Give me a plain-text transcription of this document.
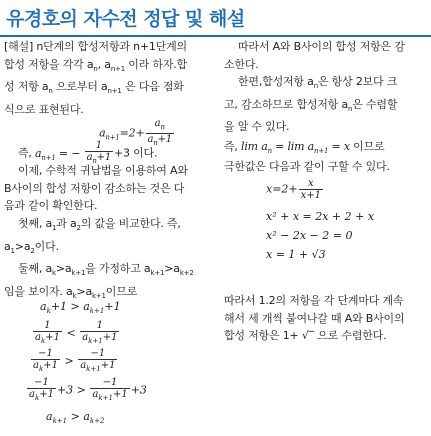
유경호의 자수전 정답 및 해설
[해설] n단계의 합성저항과 n+1단계의
합성 저항을 각각 $a_n$, $a_{n+1}$ 이라 하자.합
성 저항 $a_n$ 으로부터 $a_{n+1}$ 은 다음 점화
식으로 표현된다.
$a_{n+1}=2+ \frac{a_n}{a_n+1}$
즉, $a_{n+1}$ = − $\frac{1}{a_n+1} +3$ 이다.
이제, 수학적 귀납법을 이용하여 A와
B사이의 합성 저항이 감소하는 것은 다
음과 같이 확인한다.
첫째, $a_1$과 $a_2$의 값을 비교한다. 즉,
$a_1>a_2$이다.
둘째, $a_k>a_{k+1}$을 가정하고 $a_{k+1}>a_{k+2}$
임을 보이자. $a_k>a_{k+1}$이므로
$a_k+1 > a_{k+1}+1$
$\frac{1}{a_k+1} < \frac{1}{a_{k+1}+1}$
$\frac{-1}{a_k+1} > \frac{-1}{a_{k+1}+1}$
$\frac{-1}{a_k+1} +3 > \frac{-1}{a_{k+1}+1} +3$
$a_{k+1} > a_{k+2}$
따라서 A와 B사이의 합성 저항은 감
소한다.
한편,합성저항 $a_n$은 항상 2보다 크
고, 감소하므로 합성저항 $a_n$은 수렴할
을 알 수 있다.
즉, $\lim a_n = \lim a_{n+1} = x$ 이므로
극한값은 다음과 같이 구할 수 있다.
$x=2+ \frac{x}{x+1}$
x² + x = 2x + 2 + x
x² − 2x − 2 = 0
x = 1 + √3
따라서 1.2의 저항을 각 단계마다 계속
해서 세 개씩 붙여나갈 때 A와 B사이의
합성 저항은 1+ √‾ 으로 수렴한다.
